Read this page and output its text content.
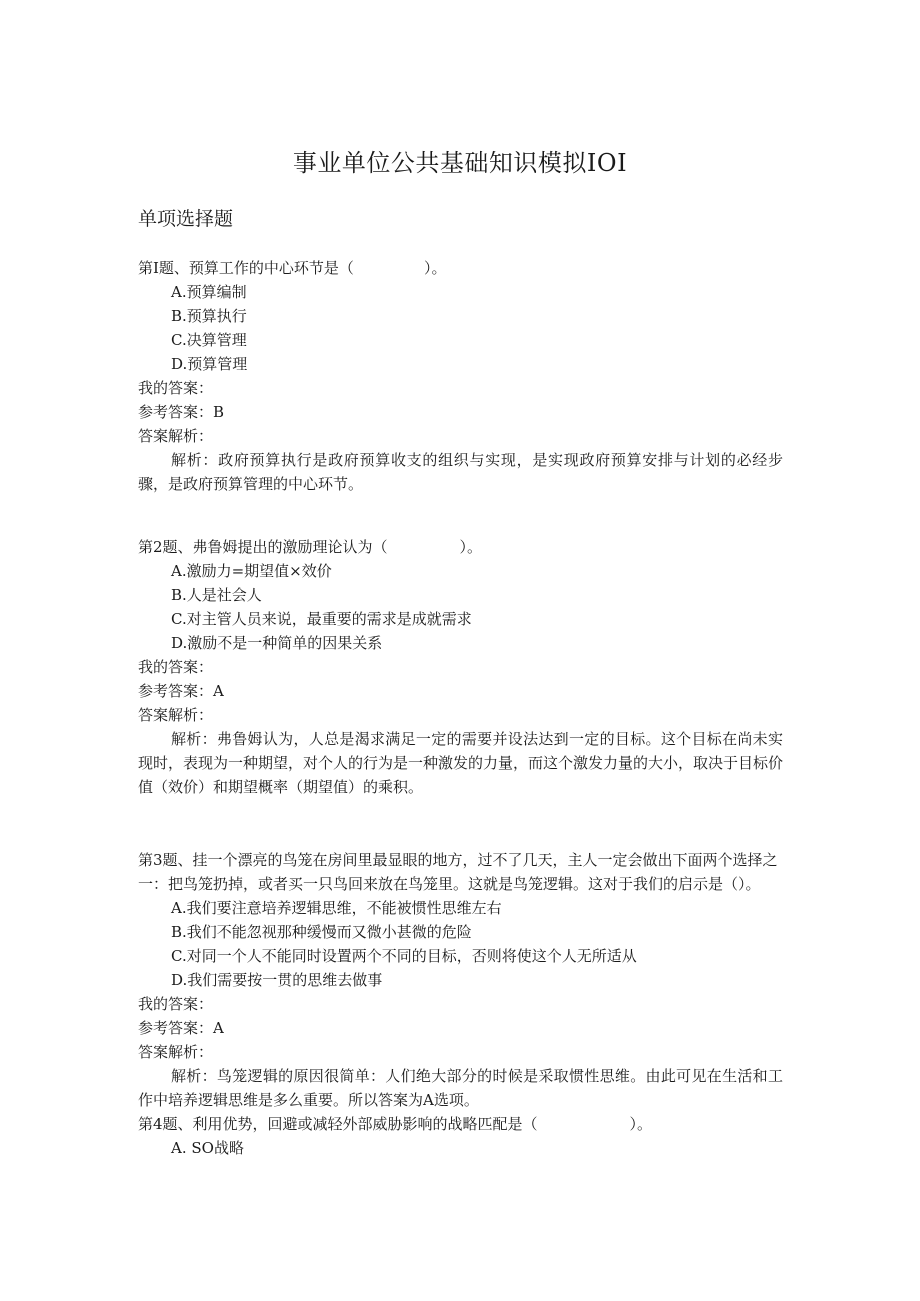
事业单位公共基础知识模拟IOI
单项选择题

第I题、预算工作的中心环节是（	）。

A.预算编制

B.预算执行

C.决算管理

D.预算管理

我的答案：

参考答案：B

答案解析：

解析：政府预算执行是政府预算收支的组织与实现，是实现政府预算安排与计划的必经步骤，是政府预算管理的中心环节。

第2题、弗鲁姆提出的激励理论认为（	）。

A.激励力=期望值×效价

B.人是社会人

C.对主管人员来说，最重要的需求是成就需求

D.激励不是一种简单的因果关系

我的答案：

参考答案：A

答案解析：

解析：弗鲁姆认为，人总是渴求满足一定的需要并设法达到一定的目标。这个目标在尚未实现时，表现为一种期望，对个人的行为是一种激发的力量，而这个激发力量的大小，取决于目标价值（效价）和期望概率（期望值）的乘积。

第3题、挂一个漂亮的鸟笼在房间里最显眼的地方，过不了几天，主人一定会做出下面两个选择之一：把鸟笼扔掉，或者买一只鸟回来放在鸟笼里。这就是鸟笼逻辑。这对于我们的启示是（）。

A.我们要注意培养逻辑思维，不能被惯性思维左右

B.我们不能忽视那种缓慢而又微小甚微的危险

C.对同一个人不能同时设置两个不同的目标，否则将使这个人无所适从

D.我们需要按一贯的思维去做事

我的答案：

参考答案：A

答案解析：

解析：鸟笼逻辑的原因很简单：人们绝大部分的时候是采取惯性思维。由此可见在生活和工作中培养逻辑思维是多么重要。所以答案为A选项。

第4题、利用优势，回避或减轻外部威胁影响的战略匹配是（	）。

A. SO战略
